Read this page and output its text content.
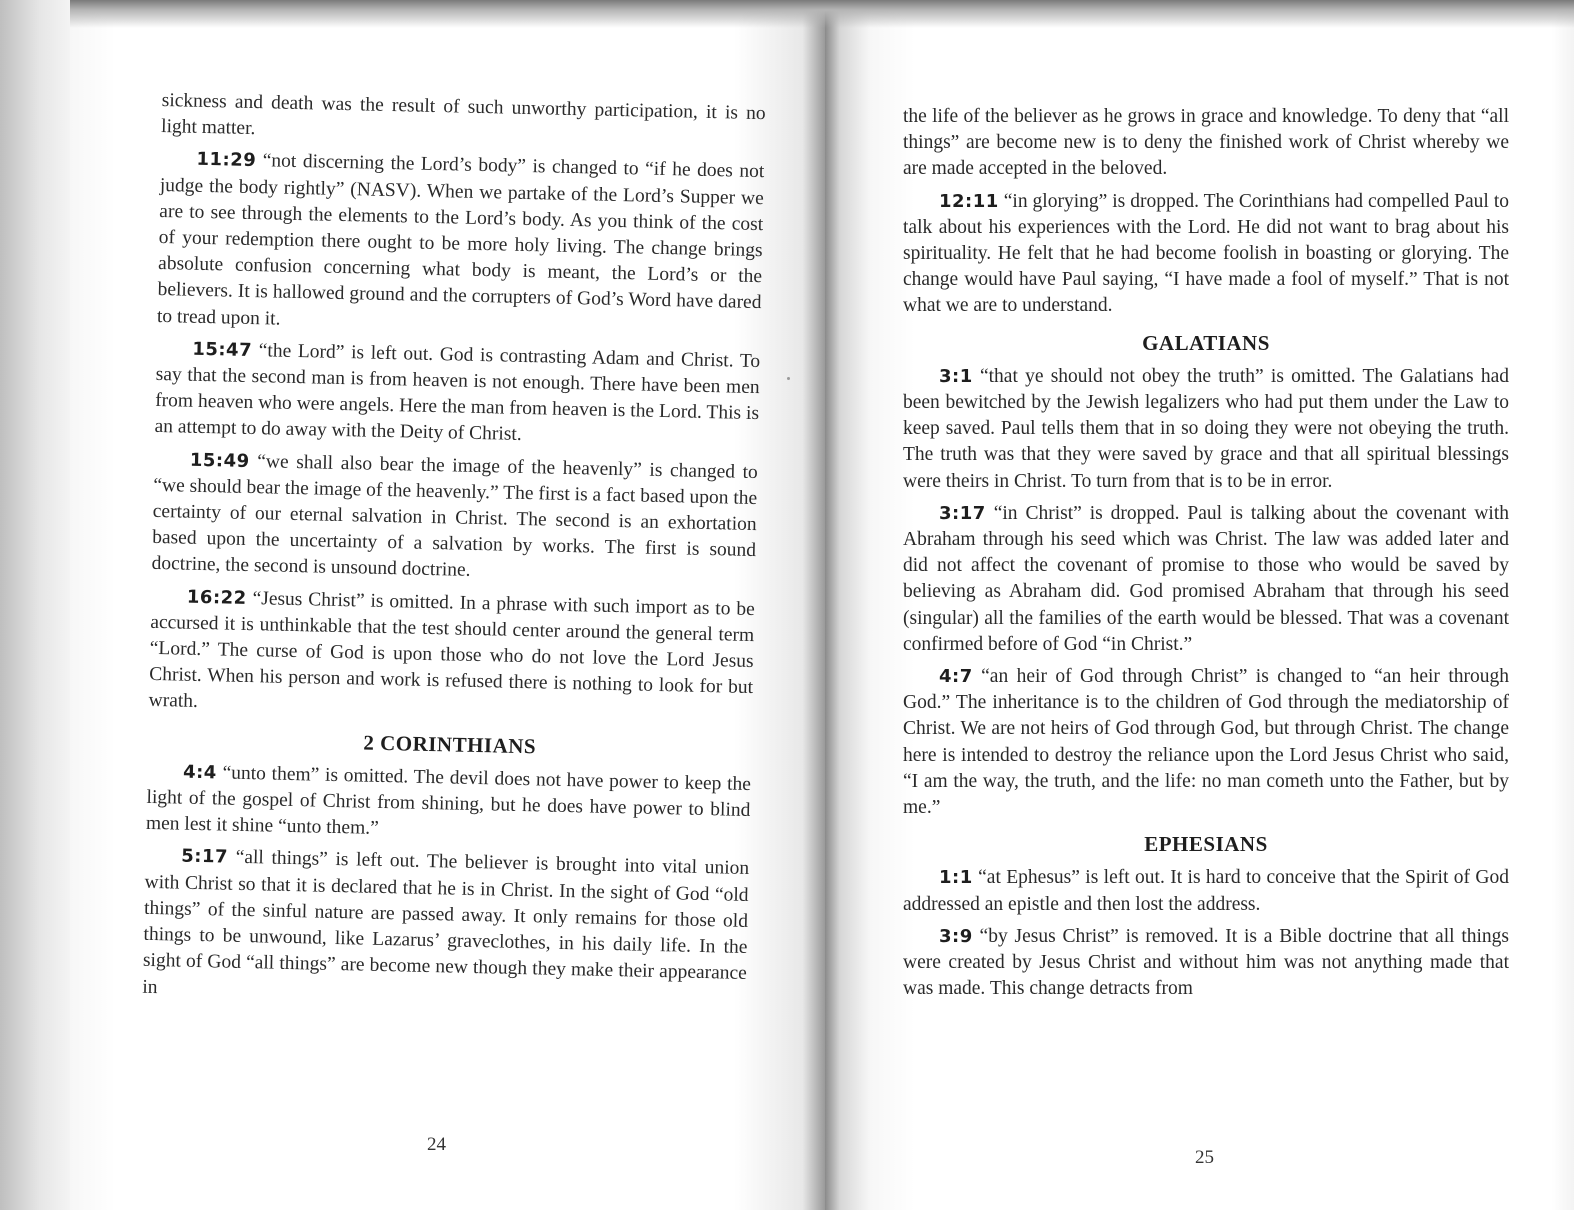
sickness and death was the result of such unworthy participation, it is no light matter.

11:29 “not discerning the Lord’s body” is changed to “if he does not judge the body rightly” (NASV). When we partake of the Lord’s Supper we are to see through the elements to the Lord’s body. As you think of the cost of your redemption there ought to be more holy living. The change brings absolute confusion concerning what body is meant, the Lord’s or the believers. It is hallowed ground and the corrupters of God’s Word have dared to tread upon it.

15:47 “the Lord” is left out. God is contrasting Adam and Christ. To say that the second man is from heaven is not enough. There have been men from heaven who were angels. Here the man from heaven is the Lord. This is an attempt to do away with the Deity of Christ.

15:49 “we shall also bear the image of the heavenly” is changed to “we should bear the image of the heavenly.” The first is a fact based upon the certainty of our eternal salvation in Christ. The second is an exhortation based upon the uncertainty of a salvation by works. The first is sound doctrine, the second is unsound doctrine.

16:22 “Jesus Christ” is omitted. In a phrase with such import as to be accursed it is unthinkable that the test should center around the general term “Lord.” The curse of God is upon those who do not love the Lord Jesus Christ. When his person and work is refused there is nothing to look for but wrath.

2 CORINTHIANS

4:4 “unto them” is omitted. The devil does not have power to keep the light of the gospel of Christ from shining, but he does have power to blind men lest it shine “unto them.”

5:17 “all things” is left out. The believer is brought into vital union with Christ so that it is declared that he is in Christ. In the sight of God “old things” of the sinful nature are passed away. It only remains for those old things to be unwound, like Lazarus’ graveclothes, in his daily life. In the sight of God “all things” are become new though they make their appearance in

24

the life of the believer as he grows in grace and knowledge. To deny that “all things” are become new is to deny the finished work of Christ whereby we are made accepted in the beloved.

12:11 “in glorying” is dropped. The Corinthians had compelled Paul to talk about his experiences with the Lord. He did not want to brag about his spirituality. He felt that he had become foolish in boasting or glorying. The change would have Paul saying, “I have made a fool of myself.” That is not what we are to understand.

GALATIANS

3:1 “that ye should not obey the truth” is omitted. The Galatians had been bewitched by the Jewish legalizers who had put them under the Law to keep saved. Paul tells them that in so doing they were not obeying the truth. The truth was that they were saved by grace and that all spiritual blessings were theirs in Christ. To turn from that is to be in error.

3:17 “in Christ” is dropped. Paul is talking about the covenant with Abraham through his seed which was Christ. The law was added later and did not affect the covenant of promise to those who would be saved by believing as Abraham did. God promised Abraham that through his seed (singular) all the families of the earth would be blessed. That was a covenant confirmed before of God “in Christ.”

4:7 “an heir of God through Christ” is changed to “an heir through God.” The inheritance is to the children of God through the mediatorship of Christ. We are not heirs of God through God, but through Christ. The change here is intended to destroy the reliance upon the Lord Jesus Christ who said, “I am the way, the truth, and the life: no man cometh unto the Father, but by me.”

EPHESIANS

1:1 “at Ephesus” is left out. It is hard to conceive that the Spirit of God addressed an epistle and then lost the address.

3:9 “by Jesus Christ” is removed. It is a Bible doctrine that all things were created by Jesus Christ and without him was not anything made that was made. This change detracts from

25
